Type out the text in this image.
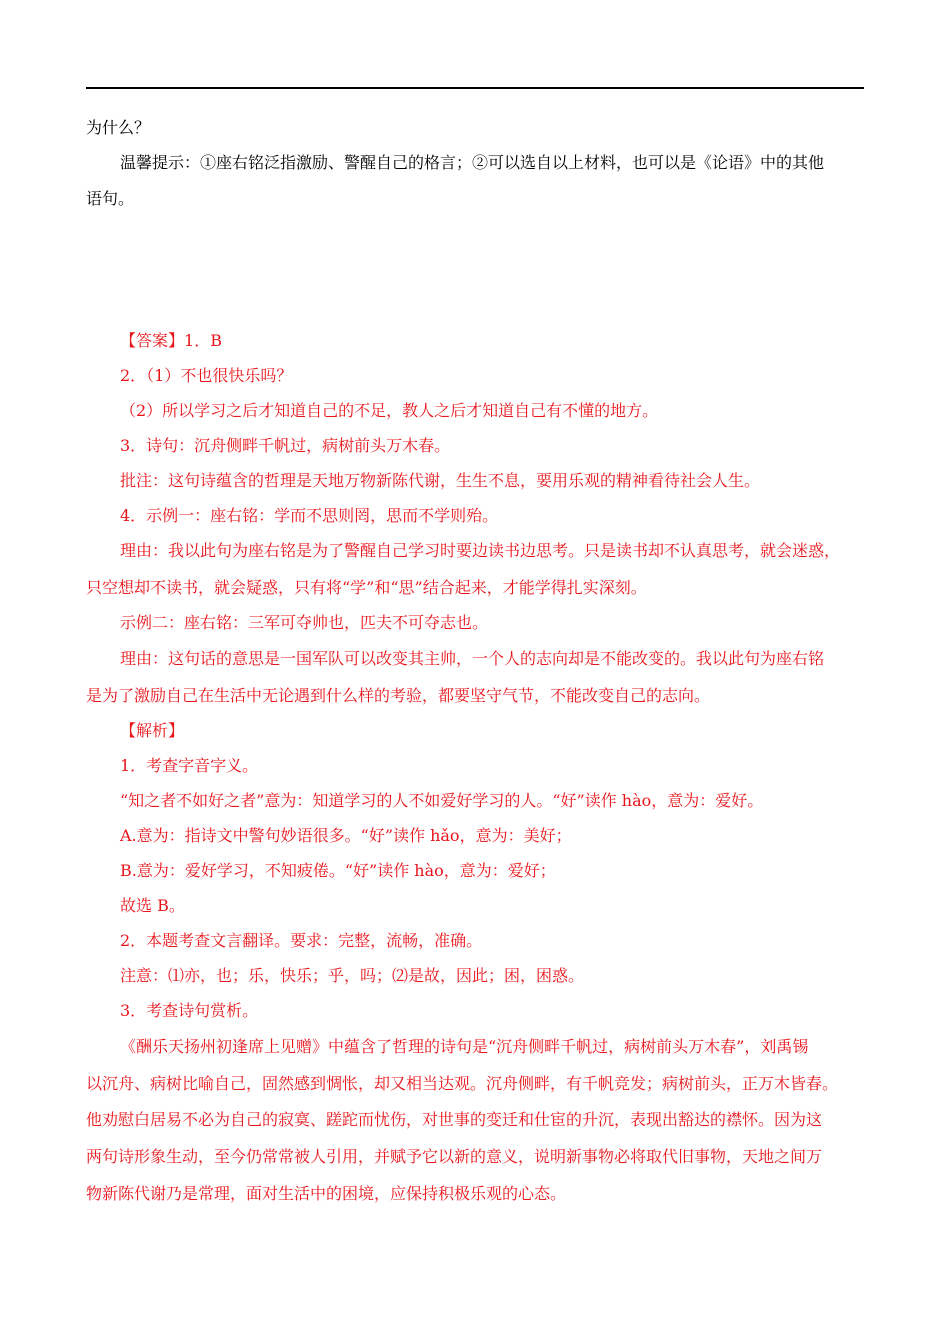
为什么？
温馨提示：①座右铭泛指激励、警醒自己的格言；②可以选自以上材料，也可以是《论语》中的其他
语句。
【答案】1．B
2．（1）不也很快乐吗？
（2）所以学习之后才知道自己的不足，教人之后才知道自己有不懂的地方。
3．诗句：沉舟侧畔千帆过，病树前头万木春。
批注：这句诗蕴含的哲理是天地万物新陈代谢，生生不息，要用乐观的精神看待社会人生。
4．示例一：座右铭：学而不思则罔，思而不学则殆。
理由：我以此句为座右铭是为了警醒自己学习时要边读书边思考。只是读书却不认真思考，就会迷惑，
只空想却不读书，就会疑惑，只有将“学”和“思”结合起来，才能学得扎实深刻。
示例二：座右铭：三军可夺帅也，匹夫不可夺志也。
理由：这句话的意思是一国军队可以改变其主帅，一个人的志向却是不能改变的。我以此句为座右铭
是为了激励自己在生活中无论遇到什么样的考验，都要坚守气节，不能改变自己的志向。
【解析】
1．考查字音字义。
“知之者不如好之者”意为：知道学习的人不如爱好学习的人。“好”读作 hào，意为：爱好。
A.意为：指诗文中警句妙语很多。“好”读作 hǎo，意为：美好；
B.意为：爱好学习，不知疲倦。“好”读作 hào，意为：爱好；
故选 B。
2．本题考查文言翻译。要求：完整，流畅，准确。
注意：⑴亦，也；乐，快乐；乎，吗；⑵是故，因此；困，困惑。
3．考查诗句赏析。
《酬乐天扬州初逢席上见赠》中蕴含了哲理的诗句是“沉舟侧畔千帆过，病树前头万木春”，刘禹锡
以沉舟、病树比喻自己，固然感到惆怅，却又相当达观。沉舟侧畔，有千帆竞发；病树前头，正万木皆春。
他劝慰白居易不必为自己的寂寞、蹉跎而忧伤，对世事的变迁和仕宦的升沉，表现出豁达的襟怀。因为这
两句诗形象生动，至今仍常常被人引用，并赋予它以新的意义，说明新事物必将取代旧事物，天地之间万
物新陈代谢乃是常理，面对生活中的困境，应保持积极乐观的心态。
